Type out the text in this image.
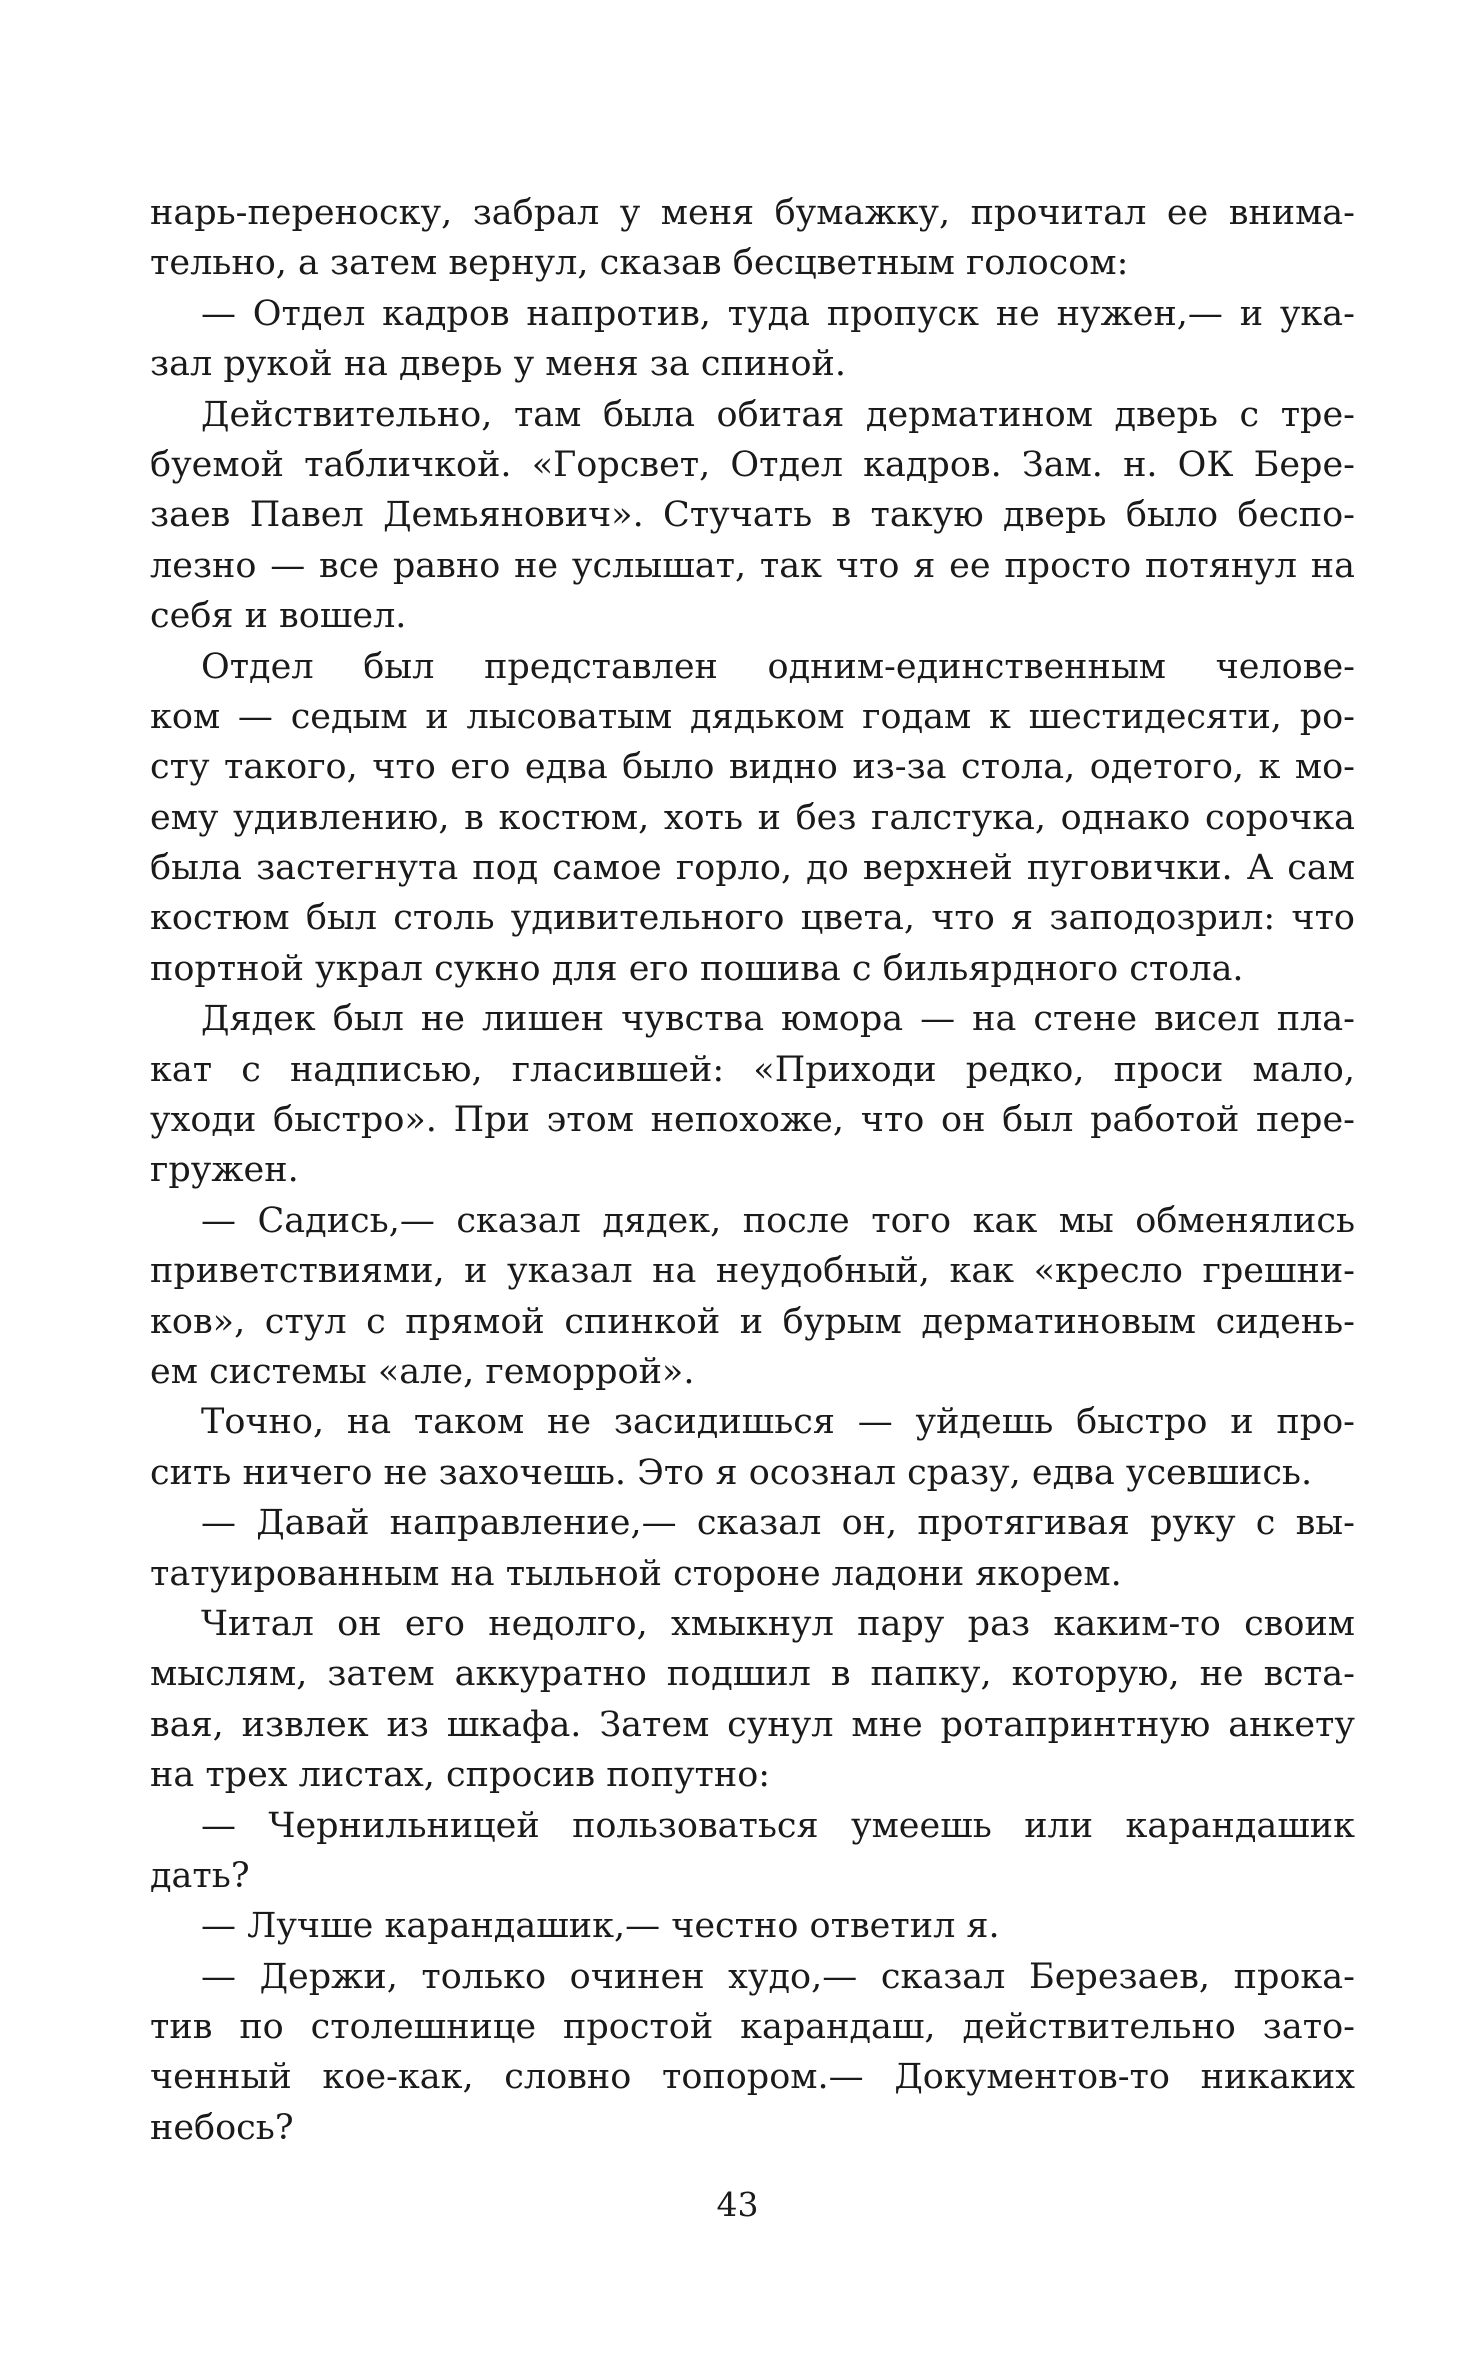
нарь-переноску, забрал у меня бумажку, прочитал ее внима-
тельно, а затем вернул, сказав бесцветным голосом:
— Отдел кадров напротив, туда пропуск не нужен,— и ука-
зал рукой на дверь у меня за спиной.
Действительно, там была обитая дерматином дверь с тре-
буемой табличкой. «Горсвет, Отдел кадров. Зам. н. ОК Бере-
заев Павел Демьянович». Стучать в такую дверь было беспо-
лезно — все равно не услышат, так что я ее просто потянул на
себя и вошел.
Отдел был представлен одним-единственным челове-
ком — седым и лысоватым дядьком годам к шестидесяти, ро-
сту такого, что его едва было видно из-за стола, одетого, к мо-
ему удивлению, в костюм, хоть и без галстука, однако сорочка
была застегнута под самое горло, до верхней пуговички. А сам
костюм был столь удивительного цвета, что я заподозрил: что
портной украл сукно для его пошива с бильярдного стола.
Дядек был не лишен чувства юмора — на стене висел пла-
кат с надписью, гласившей: «Приходи редко, проси мало,
уходи быстро». При этом непохоже, что он был работой пере-
гружен.
— Садись,— сказал дядек, после того как мы обменялись
приветствиями, и указал на неудобный, как «кресло грешни-
ков», стул с прямой спинкой и бурым дерматиновым сидень-
ем системы «але, геморрой».
Точно, на таком не засидишься — уйдешь быстро и про-
сить ничего не захочешь. Это я осознал сразу, едва усевшись.
— Давай направление,— сказал он, протягивая руку с вы-
татуированным на тыльной стороне ладони якорем.
Читал он его недолго, хмыкнул пару раз каким-то своим
мыслям, затем аккуратно подшил в папку, которую, не вста-
вая, извлек из шкафа. Затем сунул мне ротапринтную анкету
на трех листах, спросив попутно:
— Чернильницей пользоваться умеешь или карандашик
дать?
— Лучше карандашик,— честно ответил я.
— Держи, только очинен худо,— сказал Березаев, прока-
тив по столешнице простой карандаш, действительно зато-
ченный кое-как, словно топором.— Документов-то никаких
небось?
43
